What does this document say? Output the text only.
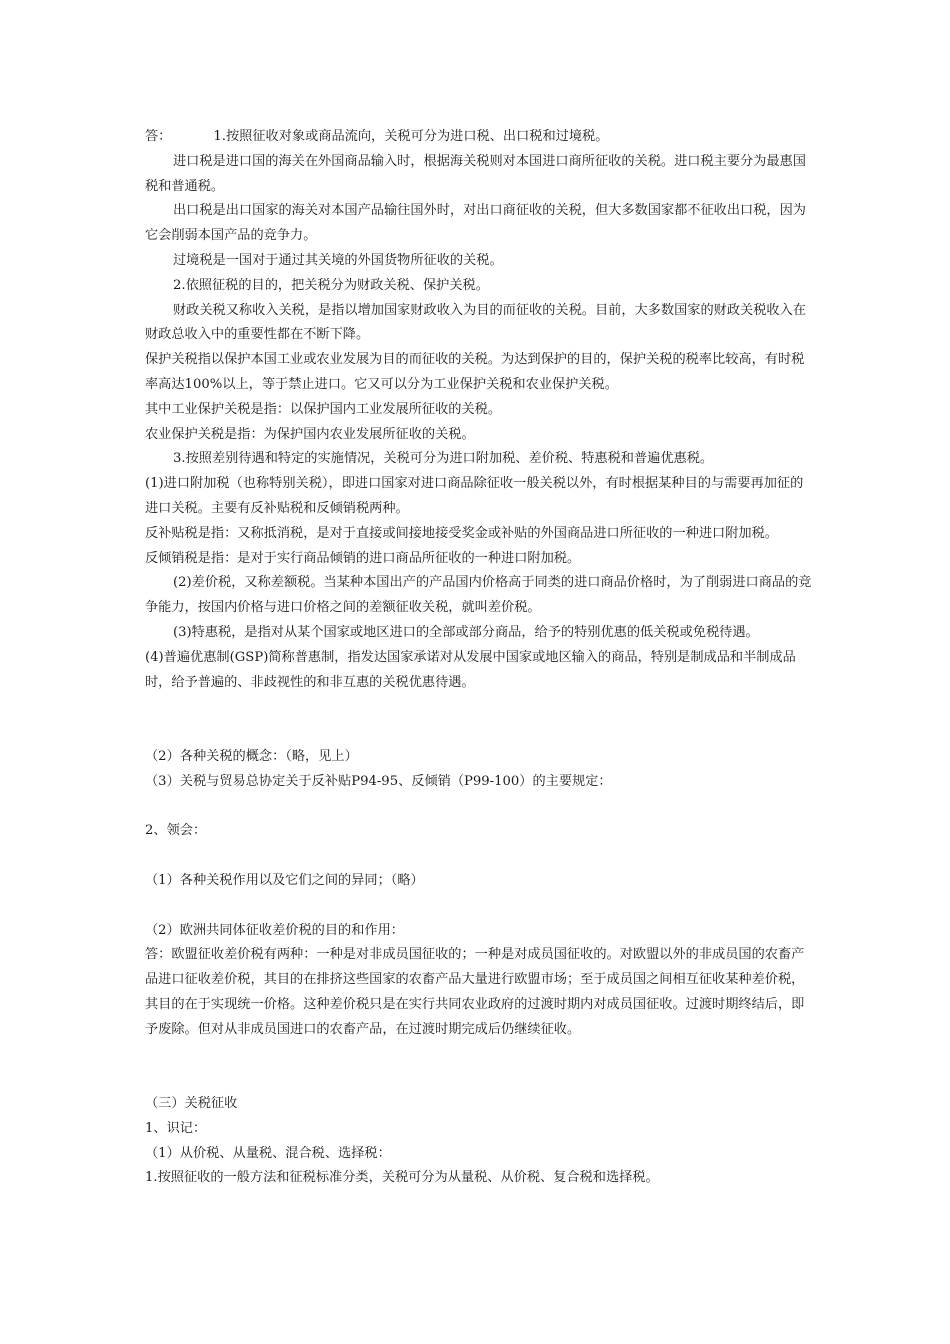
答：	1.按照征收对象或商品流向，关税可分为进口税、出口税和过境税。

进口税是进口国的海关在外国商品输入时，根据海关税则对本国进口商所征收的关税。进口税主要分为最惠国税和普通税。

出口税是出口国家的海关对本国产品输往国外时，对出口商征收的关税，但大多数国家都不征收出口税，因为它会削弱本国产品的竞争力。

过境税是一国对于通过其关境的外国货物所征收的关税。

2.依照征税的目的，把关税分为财政关税、保护关税。

财政关税又称收入关税，是指以增加国家财政收入为目的而征收的关税。目前，大多数国家的财政关税收入在财政总收入中的重要性都在不断下降。

保护关税指以保护本国工业或农业发展为目的而征收的关税。为达到保护的目的，保护关税的税率比较高，有时税率高达100%以上，等于禁止进口。它又可以分为工业保护关税和农业保护关税。

其中工业保护关税是指：以保护国内工业发展所征收的关税。

农业保护关税是指：为保护国内农业发展所征收的关税。

3.按照差别待遇和特定的实施情况，关税可分为进口附加税、差价税、特惠税和普遍优惠税。

(1)进口附加税（也称特别关税），即进口国家对进口商品除征收一般关税以外，有时根据某种目的与需要再加征的进口关税。主要有反补贴税和反倾销税两种。

反补贴税是指：又称抵消税，是对于直接或间接地接受奖金或补贴的外国商品进口所征收的一种进口附加税。

反倾销税是指：是对于实行商品倾销的进口商品所征收的一种进口附加税。

(2)差价税，又称差额税。当某种本国出产的产品国内价格高于同类的进口商品价格时，为了削弱进口商品的竞争能力，按国内价格与进口价格之间的差额征收关税，就叫差价税。

(3)特惠税，是指对从某个国家或地区进口的全部或部分商品，给予的特别优惠的低关税或免税待遇。

(4)普遍优惠制(GSP)简称普惠制，指发达国家承诺对从发展中国家或地区输入的商品，特别是制成品和半制成品时，给予普遍的、非歧视性的和非互惠的关税优惠待遇。

（2）各种关税的概念：（略，见上）

（3）关税与贸易总协定关于反补贴P94-95、反倾销（P99-100）的主要规定：

2、领会：

（1）各种关税作用以及它们之间的异同；（略）

（2）欧洲共同体征收差价税的目的和作用：

答：欧盟征收差价税有两种：一种是对非成员国征收的；一种是对成员国征收的。对欧盟以外的非成员国的农畜产品进口征收差价税，其目的在排挤这些国家的农畜产品大量进行欧盟市场；至于成员国之间相互征收某种差价税，其目的在于实现统一价格。这种差价税只是在实行共同农业政府的过渡时期内对成员国征收。过渡时期终结后，即予废除。但对从非成员国进口的农畜产品，在过渡时期完成后仍继续征收。

（三）关税征收

1、识记：

（1）从价税、从量税、混合税、选择税：

1.按照征收的一般方法和征税标准分类，关税可分为从量税、从价税、复合税和选择税。
